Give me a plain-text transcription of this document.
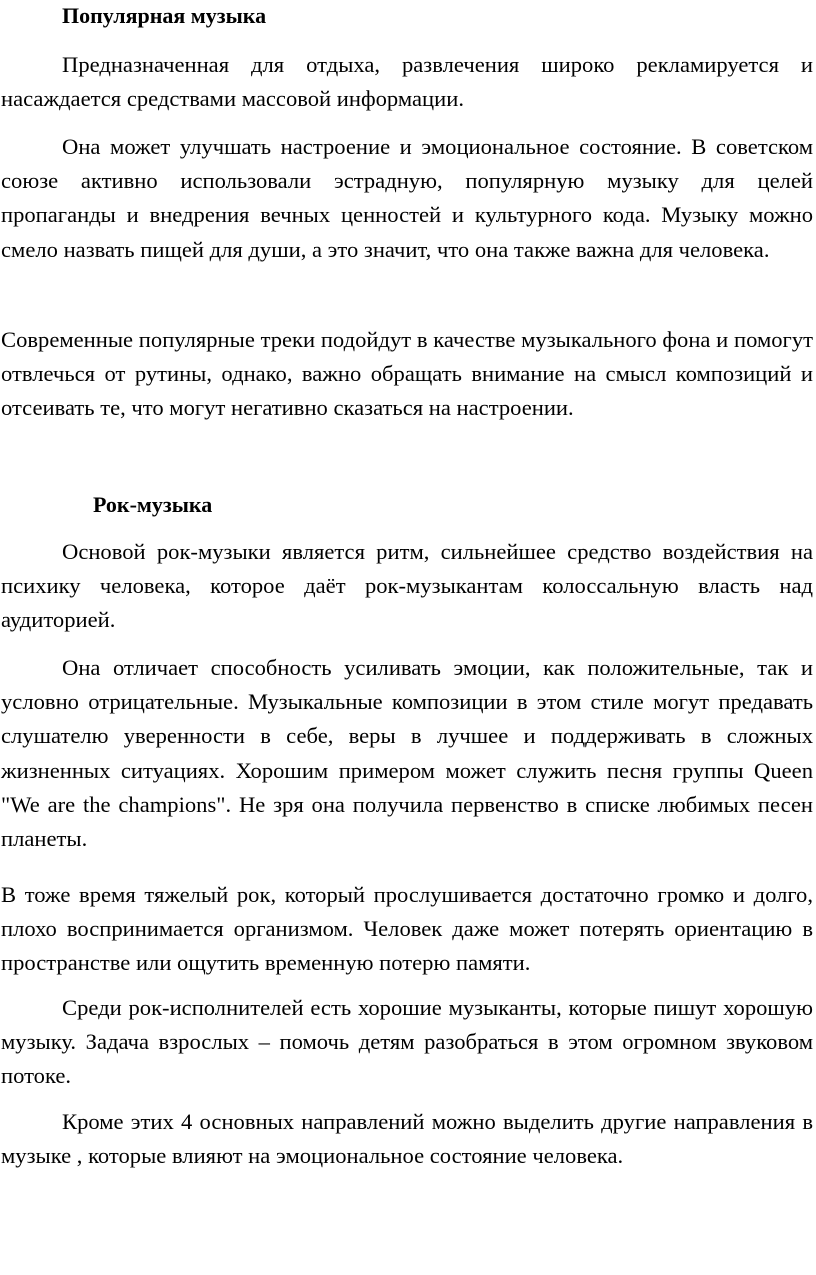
Популярная музыка

Предназначенная для отдыха, развлечения широко рекламируется и насаждается средствами массовой информации.

Она может улучшать настроение и эмоциональное состояние. В советском союзе активно использовали эстрадную, популярную музыку для целей пропаганды и внедрения вечных ценностей и культурного кода. Музыку можно смело назвать пищей для души, а это значит, что она также важна для человека.

Современные популярные треки подойдут в качестве музыкального фона и помогут отвлечься от рутины, однако, важно обращать внимание на смысл композиций и отсеивать те, что могут негативно сказаться на настроении.

Рок-музыка

Основой рок-музыки является ритм, сильнейшее средство воздействия на психику человека, которое даёт рок-музыкантам колоссальную власть над аудиторией.

Она отличает способность усиливать эмоции, как положительные, так и условно отрицательные. Музыкальные композиции в этом стиле могут предавать слушателю уверенности в себе, веры в лучшее и поддерживать в сложных жизненных ситуациях. Хорошим примером может служить песня группы Queen "We are the champions". Не зря она получила первенство в списке любимых песен планеты.

В тоже время тяжелый рок, который прослушивается достаточно громко и долго, плохо воспринимается организмом. Человек даже может потерять ориентацию в пространстве или ощутить временную потерю памяти.

Среди рок-исполнителей есть хорошие музыканты, которые пишут хорошую музыку. Задача взрослых – помочь детям разобраться в этом огромном звуковом потоке.

Кроме этих 4 основных направлений можно выделить другие направления в музыке , которые влияют на эмоциональное состояние человека.
